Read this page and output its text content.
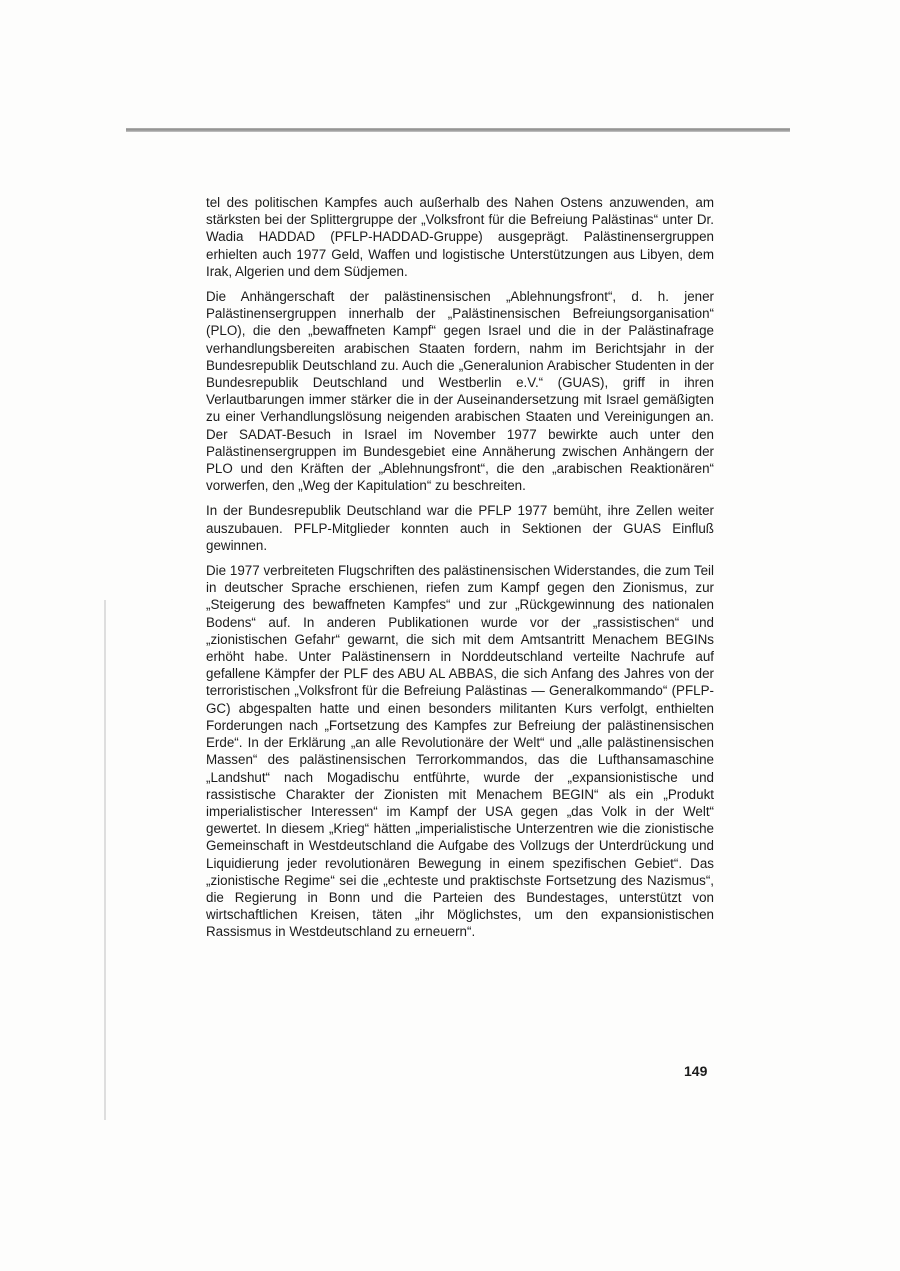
tel des politischen Kampfes auch außerhalb des Nahen Ostens anzuwenden, am stärksten bei der Splittergruppe der „Volksfront für die Befreiung Palästinas“ unter Dr. Wadia HADDAD (PFLP-HADDAD-Gruppe) ausgeprägt. Palästinensergruppen erhielten auch 1977 Geld, Waffen und logistische Unterstützungen aus Libyen, dem Irak, Algerien und dem Südjemen.

Die Anhängerschaft der palästinensischen „Ablehnungsfront“, d. h. jener Palästinensergruppen innerhalb der „Palästinensischen Befreiungsorganisation“ (PLO), die den „bewaffneten Kampf“ gegen Israel und die in der Palästinafrage verhandlungsbereiten arabischen Staaten fordern, nahm im Berichtsjahr in der Bundesrepublik Deutschland zu. Auch die „Generalunion Arabischer Studenten in der Bundesrepublik Deutschland und Westberlin e.V.“ (GUAS), griff in ihren Verlautbarungen immer stärker die in der Auseinandersetzung mit Israel gemäßigten zu einer Verhandlungslösung neigenden arabischen Staaten und Vereinigungen an. Der SADAT-Besuch in Israel im November 1977 bewirkte auch unter den Palästinensergruppen im Bundesgebiet eine Annäherung zwischen Anhängern der PLO und den Kräften der „Ablehnungsfront“, die den „arabischen Reaktionären“ vorwerfen, den „Weg der Kapitulation“ zu beschreiten.

In der Bundesrepublik Deutschland war die PFLP 1977 bemüht, ihre Zellen weiter auszubauen. PFLP-Mitglieder konnten auch in Sektionen der GUAS Einfluß gewinnen.

Die 1977 verbreiteten Flugschriften des palästinensischen Widerstandes, die zum Teil in deutscher Sprache erschienen, riefen zum Kampf gegen den Zionismus, zur „Steigerung des bewaffneten Kampfes“ und zur „Rückgewinnung des nationalen Bodens“ auf. In anderen Publikationen wurde vor der „rassistischen“ und „zionistischen Gefahr“ gewarnt, die sich mit dem Amtsantritt Menachem BEGINs erhöht habe. Unter Palästinensern in Norddeutschland verteilte Nachrufe auf gefallene Kämpfer der PLF des ABU AL ABBAS, die sich Anfang des Jahres von der terroristischen „Volksfront für die Befreiung Palästinas — Generalkommando“ (PFLP-GC) abgespalten hatte und einen besonders militanten Kurs verfolgt, enthielten Forderungen nach „Fortsetzung des Kampfes zur Befreiung der palästinensischen Erde“. In der Erklärung „an alle Revolutionäre der Welt“ und „alle palästinensischen Massen“ des palästinensischen Terrorkommandos, das die Lufthansamaschine „Landshut“ nach Mogadischu entführte, wurde der „expansionistische und rassistische Charakter der Zionisten mit Menachem BEGIN“ als ein „Produkt imperialistischer Interessen“ im Kampf der USA gegen „das Volk in der Welt“ gewertet. In diesem „Krieg“ hätten „imperialistische Unterzentren wie die zionistische Gemeinschaft in Westdeutschland die Aufgabe des Vollzugs der Unterdrückung und Liquidierung jeder revolutionären Bewegung in einem spezifischen Gebiet“. Das „zionistische Regime“ sei die „echteste und praktischste Fortsetzung des Nazismus“, die Regierung in Bonn und die Parteien des Bundestages, unterstützt von wirtschaftlichen Kreisen, täten „ihr Möglichstes, um den expansionistischen Rassismus in Westdeutschland zu erneuern“.

149
